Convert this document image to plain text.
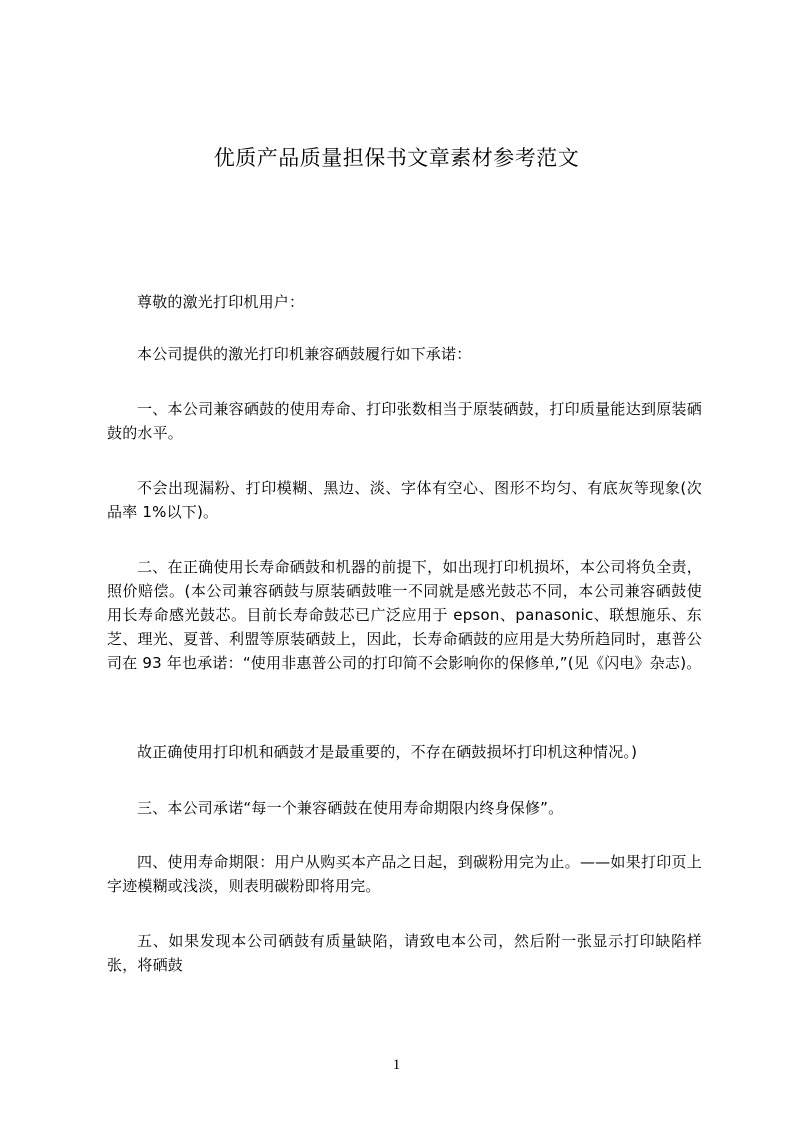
优质产品质量担保书文章素材参考范文
尊敬的激光打印机用户：
本公司提供的激光打印机兼容硒鼓履行如下承诺：
一、本公司兼容硒鼓的使用寿命、打印张数相当于原装硒鼓，打印质量能达到原装硒鼓的水平。
不会出现漏粉、打印模糊、黑边、淡、字体有空心、图形不均匀、有底灰等现象(次品率 1%以下)。
二、在正确使用长寿命硒鼓和机器的前提下，如出现打印机损坏，本公司将负全责，照价赔偿。(本公司兼容硒鼓与原装硒鼓唯一不同就是感光鼓芯不同，本公司兼容硒鼓使用长寿命感光鼓芯。目前长寿命鼓芯已广泛应用于 epson、panasonic、联想施乐、东芝、理光、夏普、利盟等原装硒鼓上，因此，长寿命硒鼓的应用是大势所趋同时，惠普公司在 93 年也承诺：“使用非惠普公司的打印简不会影响你的保修单,”(见《闪电》杂志)。
故正确使用打印机和硒鼓才是最重要的，不存在硒鼓损坏打印机这种情况。)
三、本公司承诺“每一个兼容硒鼓在使用寿命期限内终身保修”。
四、使用寿命期限：用户从购买本产品之日起，到碳粉用完为止。——如果打印页上字迹模糊或浅淡，则表明碳粉即将用完。
五、如果发现本公司硒鼓有质量缺陷，请致电本公司，然后附一张显示打印缺陷样张，将硒鼓
1
